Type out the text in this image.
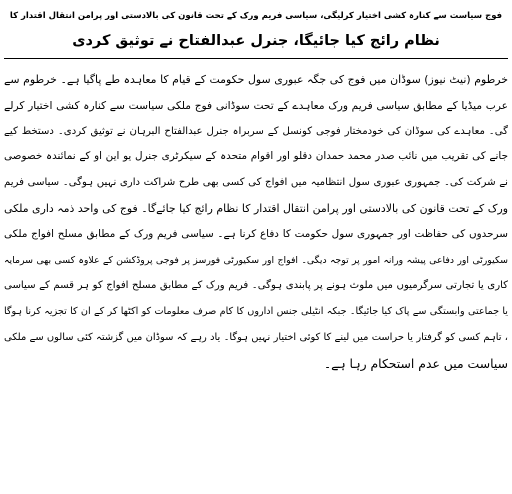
فوج سیاست سے کنارہ کشی اختیار کرلیگی، سیاسی فریم ورک کے تحت قانون کی بالادستی اور پرامن انتقال اقتدار کا
نظام رائج کیا جائیگا، جنرل عبدالفتاح نے توثیق کردی
خرطوم (نیٹ نیوز) سوڈان میں فوج کی جگہ عبوری سول حکومت کے قیام کا معاہدہ طے پاگیا ہے۔ خرطوم سے
عرب میڈیا کے مطابق سیاسی فریم ورک معاہدے کے تحت سوڈانی فوج ملکی سیاست سے کنارہ کشی اختیار کرلے
گی۔ معاہدے کی سوڈان کی خودمختار فوجی کونسل کے سربراہ جنرل عبدالفتاح البرہان نے توثیق کردی۔ دستخط کیے
جانے کی تقریب میں نائب صدر محمد حمدان دقلو اور اقوام متحدہ کے سیکرٹری جنرل یو این او کے نمائندہ خصوصی
نے شرکت کی۔ جمہوری عبوری سول انتظامیہ میں افواج کی کسی بھی طرح شراکت داری نہیں ہوگی۔ سیاسی فریم
ورک کے تحت قانون کی بالادستی اور پرامن انتقال اقتدار کا نظام رائج کیا جائےگا۔ فوج کی واحد ذمہ داری ملکی
سرحدوں کی حفاظت اور جمہوری سول حکومت کا دفاع کرنا ہے۔ سیاسی فریم ورک کے مطابق مسلح افواج ملکی
سکیورٹی اور دفاعی پیشہ ورانہ امور پر توجہ دیگی۔ افواج اور سکیورٹی فورسز پر فوجی پروڈکشن کے علاوہ کسی بھی سرمایہ
کاری یا تجارتی سرگرمیوں میں ملوث ہونے پر پابندی ہوگی۔ فریم ورک کے مطابق مسلح افواج کو ہر قسم کے سیاسی
یا جماعتی وابستگی سے پاک کیا جائیگا۔ جبکہ انٹیلی جنس اداروں کا کام صرف معلومات کو اکٹھا کر کے ان کا تجزیہ کرنا ہوگا
، تاہم کسی کو گرفتار یا حراست میں لینے کا کوئی اختیار نہیں ہوگا۔ یاد رہے کہ سوڈان میں گزشتہ کئی سالوں سے ملکی
سیاست میں عدم استحکام رہا ہے۔
